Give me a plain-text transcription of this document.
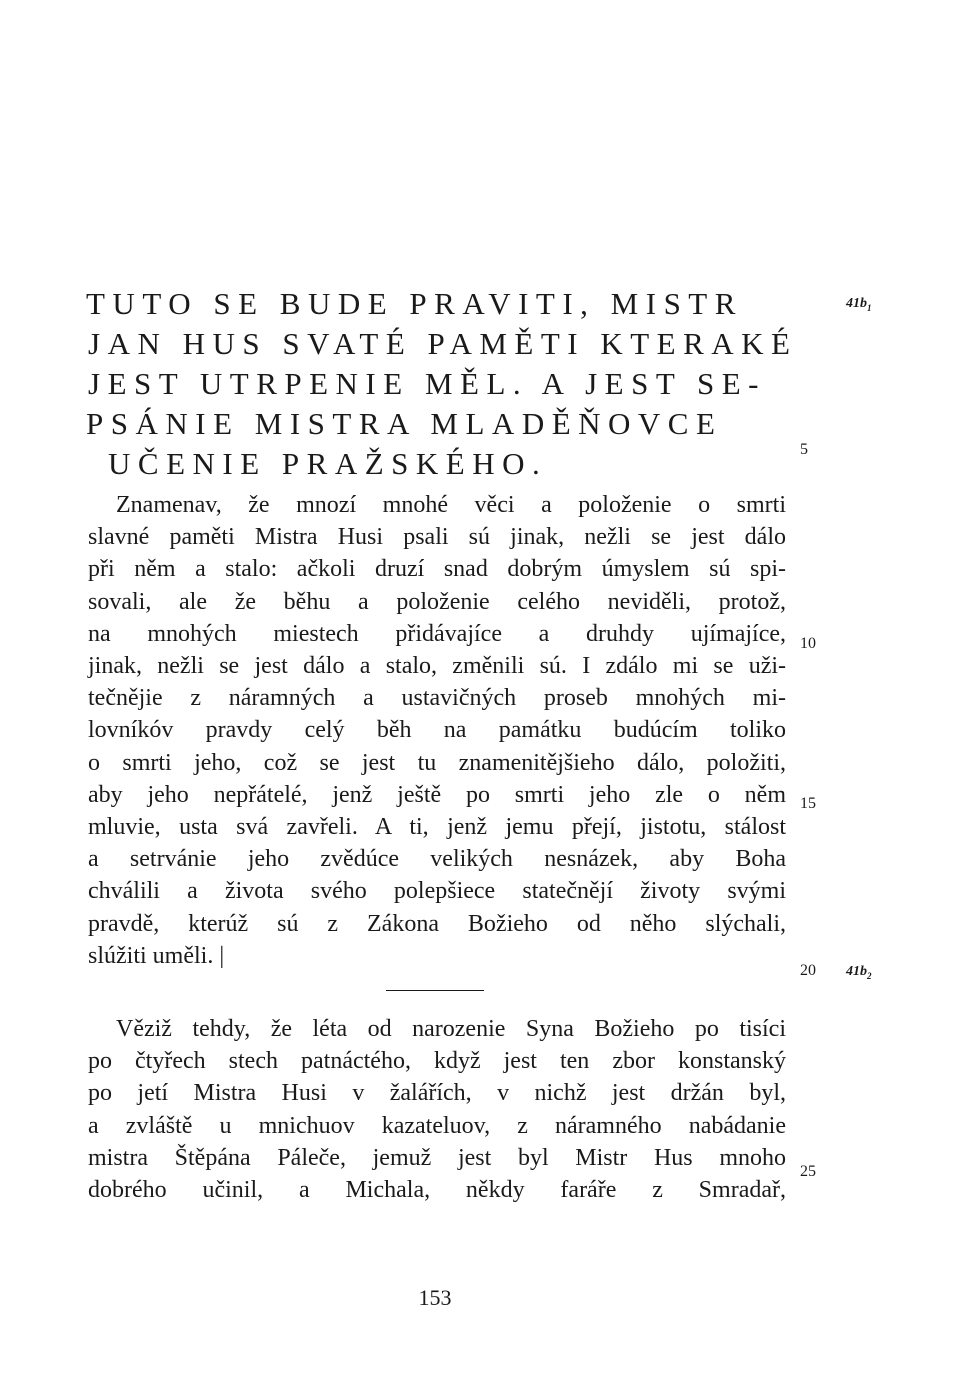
TUTO SE BUDE PRAVITI, MISTR
JAN HUS SVATÉ PAMĚTI KTERAKÉ
JEST UTRPENIE MĚL. A JEST SE-
PSÁNIE MISTRA MLADĚŇOVCE
UČENIE PRAŽSKÉHO.
Znamenav, že mnozí mnohé věci a položenie o smrti
slavné paměti Mistra Husi psali sú jinak, nežli se jest dálo
při něm a stalo: ačkoli druzí snad dobrým úmyslem sú spi-
sovali, ale že běhu a položenie celého neviděli, protož,
na mnohých miestech přidávajíce a druhdy ujímajíce,
jinak, nežli se jest dálo a stalo, změnili sú. I zdálo mi se uži-
tečnějie z náramných a ustavičných proseb mnohých mi-
lovníkóv pravdy celý běh na památku budúcím toliko
o smrti jeho, což se jest tu znamenitějšieho dálo, položiti,
aby jeho nepřátelé, jenž ještě po smrti jeho zle o něm
mluvie, usta svá zavřeli. A ti, jenž jemu přejí, jistotu, stálost
a setrvánie jeho zvědúce velikých nesnázek, aby Boha
chválili a života svého polepšiece statečnějí životy svými
pravdě, kterúž sú z Zákona Božieho od něho slýchali,
slúžiti uměli. |
Věziž tehdy, že léta od narozenie Syna Božieho po tisíci
po čtyřech stech patnáctého, když jest ten zbor konstanský
po jetí Mistra Husi v žalářích, v nichž jest držán byl,
a zvláště u mnichuov kazateluov, z náramného nabádanie
mistra Štěpána Páleče, jemuž jest byl Mistr Hus mnoho
dobrého učinil, a Michala, někdy faráře z Smradař,
5
10
15
20
25
$41b_1$
$41b_2$
153
